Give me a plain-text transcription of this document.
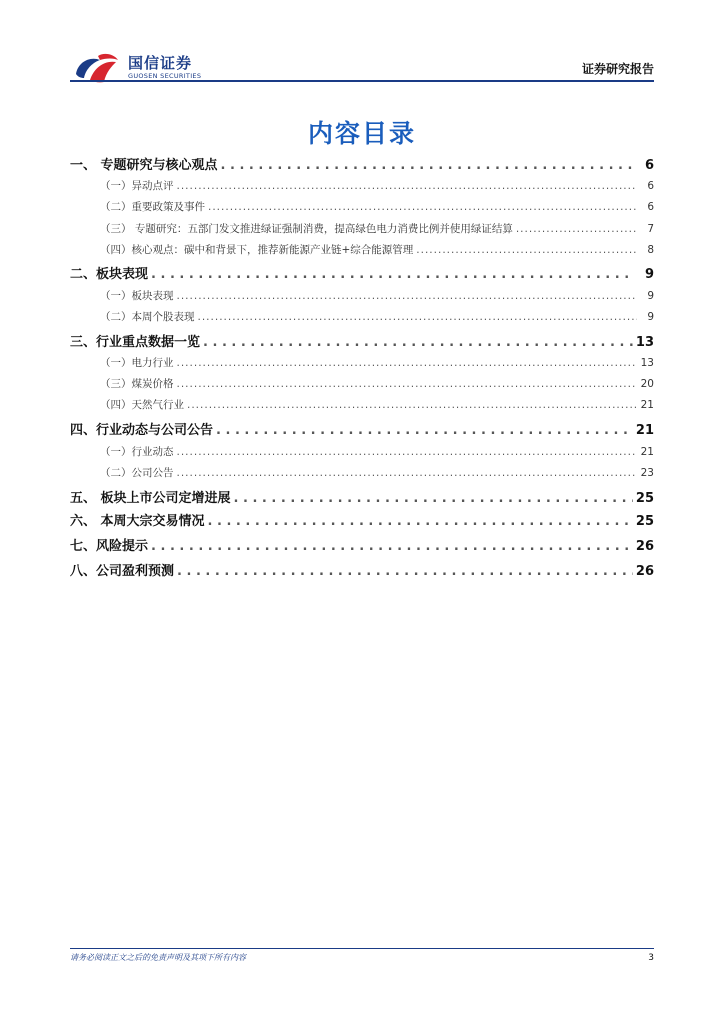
国信证券
GUOSEN SECURITIES	证券研究报告
内容目录
一、 专题研究与核心观点 . . .	6
（一）异动点评 .....	6
（二）重要政策及事件 .....	6
（三） 专题研究：五部门发文推进绿证强制消费，提高绿色电力消费比例并使用绿证结算 .....	7
（四）核心观点：碳中和背景下，推荐新能源产业链+综合能源管理 .....	8
二、板块表现 . . .	9
（一）板块表现 .....	9
（二）本周个股表现 .....	9
三、行业重点数据一览 . . .	13
（一）电力行业 .....	13
（三）煤炭价格 .....	20
（四）天然气行业 .....	21
四、行业动态与公司公告 . . .	21
（一）行业动态 .....	21
（二）公司公告 .....	23
五、 板块上市公司定增进展 . . .	25
六、 本周大宗交易情况 . . .	25
七、风险提示 . . .	26
八、公司盈利预测 . . .	26
请务必阅读正文之后的免责声明及其项下所有内容	3
